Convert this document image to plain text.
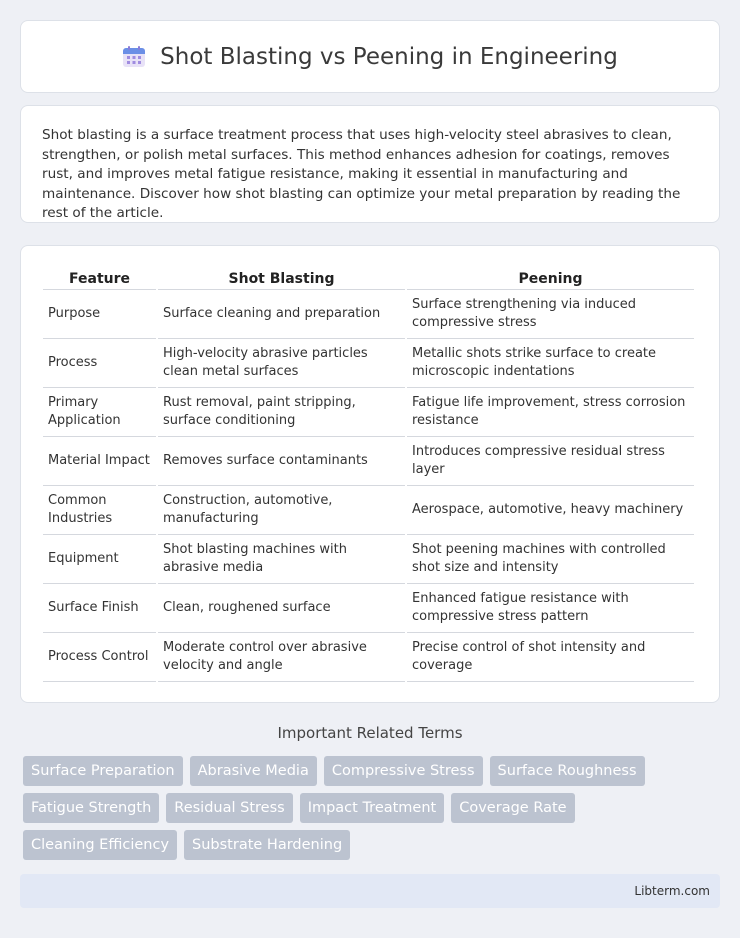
Shot Blasting vs Peening in Engineering

Shot blasting is a surface treatment process that uses high-velocity steel abrasives to clean, strengthen, or polish metal surfaces. This method enhances adhesion for coatings, removes rust, and improves metal fatigue resistance, making it essential in manufacturing and maintenance. Discover how shot blasting can optimize your metal preparation by reading the rest of the article.

Feature	Shot Blasting	Peening
Purpose	Surface cleaning and preparation	Surface strengthening via induced compressive stress
Process	High-velocity abrasive particles clean metal surfaces	Metallic shots strike surface to create microscopic indentations
Primary Application	Rust removal, paint stripping, surface conditioning	Fatigue life improvement, stress corrosion resistance
Material Impact	Removes surface contaminants	Introduces compressive residual stress layer
Common Industries	Construction, automotive, manufacturing	Aerospace, automotive, heavy machinery
Equipment	Shot blasting machines with abrasive media	Shot peening machines with controlled shot size and intensity
Surface Finish	Clean, roughened surface	Enhanced fatigue resistance with compressive stress pattern
Process Control	Moderate control over abrasive velocity and angle	Precise control of shot intensity and coverage
Important Related Terms
Surface Preparation	Abrasive Media	Compressive Stress	Surface Roughness
Fatigue Strength	Residual Stress	Impact Treatment	Coverage Rate
Cleaning Efficiency	Substrate Hardening
Libterm.com
